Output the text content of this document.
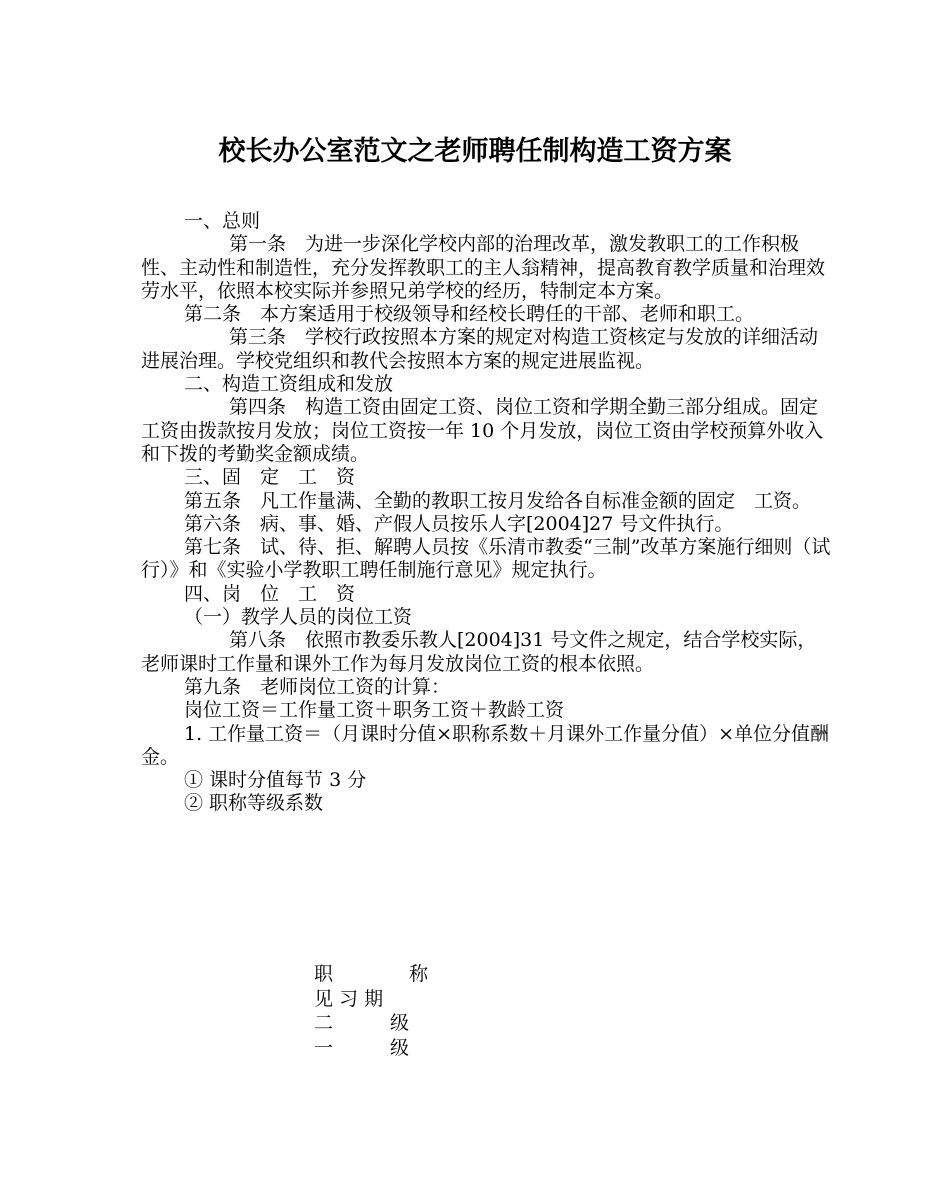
校长办公室范文之老师聘任制构造工资方案

一、总则

第一条　为进一步深化学校内部的治理改革，激发教职工的工作积极性、主动性和制造性，充分发挥教职工的主人翁精神，提高教育教学质量和治理效劳水平，依照本校实际并参照兄弟学校的经历，特制定本方案。

第二条　本方案适用于校级领导和经校长聘任的干部、老师和职工。

第三条　学校行政按照本方案的规定对构造工资核定与发放的详细活动进展治理。学校党组织和教代会按照本方案的规定进展监视。

二、构造工资组成和发放

第四条　构造工资由固定工资、岗位工资和学期全勤三部分组成。固定工资由拨款按月发放；岗位工资按一年 10 个月发放，岗位工资由学校预算外收入和下拨的考勤奖金额成绩。

三、固　定　工　资

第五条　凡工作量满、全勤的教职工按月发给各自标准金额的固定　工资。

第六条　病、事、婚、产假人员按乐人字[2004]27 号文件执行。

第七条　试、待、拒、解聘人员按《乐清市教委“三制”改革方案施行细则（试行）》和《实验小学教职工聘任制施行意见》规定执行。

四、岗　位　工　资

（一）教学人员的岗位工资

第八条　依照市教委乐教人[2004]31 号文件之规定，结合学校实际，老师课时工作量和课外工作为每月发放岗位工资的根本依照。

第九条　老师岗位工资的计算：

岗位工资＝工作量工资＋职务工资＋教龄工资

1. 工作量工资＝（月课时分值×职称系数＋月课外工作量分值）×单位分值酬金。

① 课时分值每节 3 分

② 职称等级系数

职　　　　称
见 习 期
二　　　级
一　　　级
